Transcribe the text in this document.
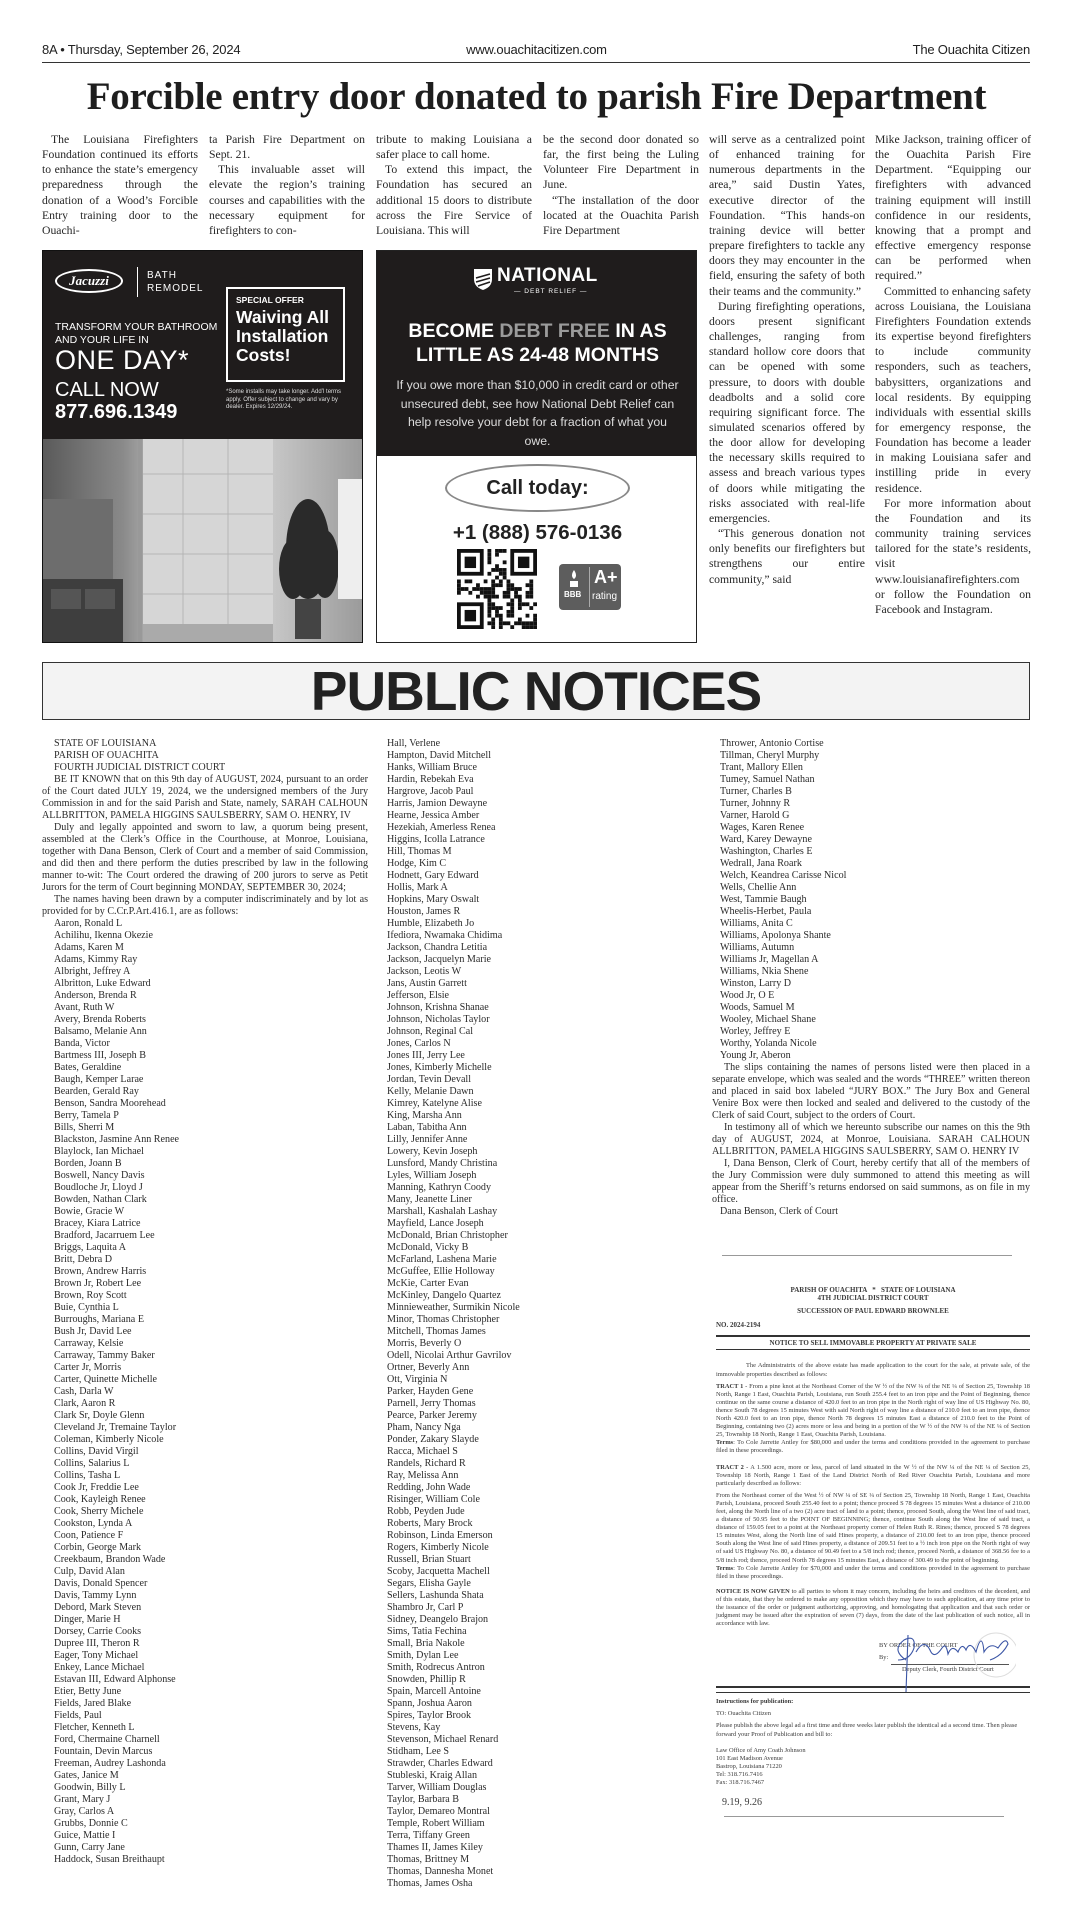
8A • Thursday, September 26, 2024	www.ouachitacitizen.com	The Ouachita Citizen
Forcible entry door donated to parish Fire Department

The Louisiana Firefighters Foundation continued its efforts to enhance the state’s emergency preparedness through the donation of a Wood’s Forcible Entry training door to the Ouachi-

ta Parish Fire Department on Sept. 21.

This invaluable asset will elevate the region’s training courses and capabilities with the necessary equipment for firefighters to con-

tribute to making Louisiana a safer place to call home.

To extend this impact, the Foundation has secured an additional 15 doors to distribute across the Fire Service of Louisiana. This will

be the second door donated so far, the first being the Luling Volunteer Fire Department in June.

“The installation of the door located at the Ouachita Parish Fire Department

will serve as a centralized point of enhanced training for numerous departments in the area,” said Dustin Yates, executive director of the Foundation. “This hands-on training device will better prepare firefighters to tackle any doors they may encounter in the field, ensuring the safety of both their teams and the community.”

During firefighting operations, doors present significant challenges, ranging from standard hollow core doors that can be opened with some pressure, to doors with double deadbolts and a solid core requiring significant force. The simulated scenarios offered by the door allow for developing the necessary skills required to assess and breach various types of doors while mitigating the risks associated with real-life emergencies.

“This generous donation not only benefits our firefighters but strengthens our entire community,” said

Mike Jackson, training officer of the Ouachita Parish Fire Department. “Equipping our firefighters with advanced training equipment will instill confidence in our residents, knowing that a prompt and effective emergency response can be performed when required.”

Committed to enhancing safety across Louisiana, the Louisiana Firefighters Foundation extends its expertise beyond firefighters to include community responders, such as teachers, babysitters, organizations and local residents. By equipping individuals with essential skills for emergency response, the Foundation has become a leader in making Louisiana safer and instilling pride in every residence.

For more information about the Foundation and its community training services tailored for the state’s residents, visit www.louisianafirefighters.com or follow the Foundation on Facebook and Instagram.

Jacuzzi	BATH
REMODEL
TRANSFORM YOUR BATHROOM AND YOUR LIFE IN
ONE DAY*
CALL NOW
877.696.1349
SPECIAL OFFER
Waiving All Installation Costs!
*Some installs may take longer. Add’l terms apply. Offer subject to change and vary by dealer. Expires 12/29/24.
NATIONAL
— DEBT RELIEF —
BECOME DEBT FREE IN AS LITTLE AS 24-48 MONTHS
If you owe more than $10,000 in credit card or other unsecured debt, see how National Debt Relief can help resolve your debt for a fraction of what you owe.
Call today:
+1 (888) 576-0136
BBB
A+
rating
PUBLIC NOTICES
STATE OF LOUISIANA
PARISH OF OUACHITA
FOURTH JUDICIAL DISTRICT COURT

BE IT KNOWN that on this 9th day of AUGUST, 2024, pursuant to an order of the Court dated JULY 19, 2024, we the undersigned members of the Jury Commission in and for the said Parish and State, namely, SARAH CALHOUN ALLBRITTON, PAMELA HIGGINS SAULSBERRY, SAM O. HENRY, IV

Duly and legally appointed and sworn to law, a quorum being present, assembled at the Clerk’s Office in the Courthouse, at Monroe, Louisiana, together with Dana Benson, Clerk of Court and a member of said Commission, and did then and there perform the duties prescribed by law in the following manner to-wit: The Court ordered the drawing of 200 jurors to serve as Petit Jurors for the term of Court beginning MONDAY, SEPTEMBER 30, 2024;

The names having been drawn by a computer indiscriminately and by lot as provided for by C.Cr.P.Art.416.1, are as follows:

Aaron, Ronald L
Achilihu, Ikenna Okezie
Adams, Karen M
Adams, Kimmy Ray
Albright, Jeffrey A
Albritton, Luke Edward
Anderson, Brenda R
Avant, Ruth W
Avery, Brenda Roberts
Balsamo, Melanie Ann
Banda, Victor
Bartmess III, Joseph B
Bates, Geraldine
Baugh, Kemper Larae
Bearden, Gerald Ray
Benson, Sandra Moorehead
Berry, Tamela P
Bills, Sherri M
Blackston, Jasmine Ann Renee
Blaylock, Ian Michael
Borden, Joann B
Boswell, Nancy Davis
Boudloche Jr, Lloyd J
Bowden, Nathan Clark
Bowie, Gracie W
Bracey, Kiara Latrice
Bradford, Jacarruem Lee
Briggs, Laquita A
Britt, Debra D
Brown, Andrew Harris
Brown Jr, Robert Lee
Brown, Roy Scott
Buie, Cynthia L
Burroughs, Mariana E
Bush Jr, David Lee
Carraway, Kelsie
Carraway, Tammy Baker
Carter Jr, Morris
Carter, Quinette Michelle
Cash, Darla W
Clark, Aaron R
Clark Sr, Doyle Glenn
Cleveland Jr, Tremaine Taylor
Coleman, Kimberly Nicole
Collins, David Virgil
Collins, Salarius L
Collins, Tasha L
Cook Jr, Freddie Lee
Cook, Kayleigh Renee
Cook, Sherry Michele
Cookston, Lynda A
Coon, Patience F
Corbin, George Mark
Creekbaum, Brandon Wade
Culp, David Alan
Davis, Donald Spencer
Davis, Tammy Lynn
Debord, Mark Steven
Dinger, Marie H
Dorsey, Carrie Cooks
Dupree III, Theron R
Eager, Tony Michael
Enkey, Lance Michael
Estavan III, Edward Alphonse
Etier, Betty June
Fields, Jared Blake
Fields, Paul
Fletcher, Kenneth L
Ford, Chermaine Charnell
Fountain, Devin Marcus
Freeman, Audrey Lashonda
Gates, Janice M
Goodwin, Billy L
Grant, Mary J
Gray, Carlos A
Grubbs, Donnie C
Guice, Mattie I
Gunn, Carry Jane
Haddock, Susan Breithaupt
Hall, Verlene
Hampton, David Mitchell
Hanks, William Bruce
Hardin, Rebekah Eva
Hargrove, Jacob Paul
Harris, Jamion Dewayne
Hearne, Jessica Amber
Hezekiah, Amerless Renea
Higgins, Icolla Latrance
Hill, Thomas M
Hodge, Kim C
Hodnett, Gary Edward
Hollis, Mark A
Hopkins, Mary Oswalt
Houston, James R
Humble, Elizabeth Jo
Ifediora, Nwamaka Chidima
Jackson, Chandra Letitia
Jackson, Jacquelyn Marie
Jackson, Leotis W
Jans, Austin Garrett
Jefferson, Elsie
Johnson, Krishna Shanae
Johnson, Nicholas Taylor
Johnson, Reginal Cal
Jones, Carlos N
Jones III, Jerry Lee
Jones, Kimberly Michelle
Jordan, Tevin Devall
Kelly, Melanie Dawn
Kimrey, Katelyne Alise
King, Marsha Ann
Laban, Tabitha Ann
Lilly, Jennifer Anne
Lowery, Kevin Joseph
Lunsford, Mandy Christina
Lyles, William Joseph
Manning, Kathryn Coody
Many, Jeanette Liner
Marshall, Kashalah Lashay
Mayfield, Lance Joseph
McDonald, Brian Christopher
McDonald, Vicky B
McFarland, Lashena Marie
McGuffee, Ellie Holloway
McKie, Carter Evan
McKinley, Dangelo Quartez
Minnieweather, Surmikin Nicole
Minor, Thomas Christopher
Mitchell, Thomas James
Morris, Beverly O
Odell, Nicolai Arthur Gavrilov
Ortner, Beverly Ann
Ott, Virginia N
Parker, Hayden Gene
Parnell, Jerry Thomas
Pearce, Parker Jeremy
Pham, Nancy Nga
Ponder, Zakary Slayde
Racca, Michael S
Randels, Richard R
Ray, Melissa Ann
Redding, John Wade
Risinger, William Cole
Robb, Peyden Jude
Roberts, Mary Brock
Robinson, Linda Emerson
Rogers, Kimberly Nicole
Russell, Brian Stuart
Scoby, Jacquetta Machell
Segars, Elisha Gayle
Sellers, Lashunda Shata
Shambro Jr, Carl P
Sidney, Deangelo Brajon
Sims, Tatia Fechina
Small, Bria Nakole
Smith, Dylan Lee
Smith, Rodrecus Antron
Snowden, Phillip R
Spain, Marcell Antoine
Spann, Joshua Aaron
Spires, Taylor Brook
Stevens, Kay
Stevenson, Michael Renard
Stidham, Lee S
Strawder, Charles Edward
Stubleski, Kraig Allan
Tarver, William Douglas
Taylor, Barbara B
Taylor, Demareo Montral
Temple, Robert William
Terra, Tiffany Green
Thames II, James Kiley
Thomas, Brittney M
Thomas, Dannesha Monet
Thomas, James Osha
Thrower, Antonio Cortise
Tillman, Cheryl Murphy
Trant, Mallory Ellen
Tumey, Samuel Nathan
Turner, Charles B
Turner, Johnny R
Varner, Harold G
Wages, Karen Renee
Ward, Karey Dewayne
Washington, Charles E
Wedrall, Jana Roark
Welch, Keandrea Carisse Nicol
Wells, Chellie Ann
West, Tammie Baugh
Wheelis-Herbet, Paula
Williams, Anita C
Williams, Apolonya Shante
Williams, Autumn
Williams Jr, Magellan A
Williams, Nkia Shene
Winston, Larry D
Wood Jr, O E
Woods, Samuel M
Wooley, Michael Shane
Worley, Jeffrey E
Worthy, Yolanda Nicole
Young Jr, Aberon

The slips containing the names of persons listed were then placed in a separate envelope, which was sealed and the words “THREE” written thereon and placed in said box labeled “JURY BOX.” The Jury Box and General Venire Box were then locked and sealed and delivered to the custody of the Clerk of said Court, subject to the orders of Court.

In testimony all of which we hereunto subscribe our names on this the 9th day of AUGUST, 2024, at Monroe, Louisiana. SARAH CALHOUN ALLBRITTON, PAMELA HIGGINS SAULSBERRY, SAM O. HENRY IV

I, Dana Benson, Clerk of Court, hereby certify that all of the members of the Jury Commission were duly summoned to attend this meeting as will appear from the Sheriff’s returns endorsed on said summons, as on file in my office.

Dana Benson, Clerk of Court
PARISH OF OUACHITA   *   STATE OF LOUISIANA
4TH JUDICIAL DISTRICT COURT
SUCCESSION OF PAUL EDWARD BROWNLEE
NO. 2024-2194
NOTICE TO SELL IMMOVABLE PROPERTY AT PRIVATE SALE

The Administratrix of the above estate has made application to the court for the sale, at private sale, of the immovable properties described as follows:

TRACT 1 - From a pine knot at the Northeast Corner of the W ½ of the NW ¼ of the NE ¼ of Section 25, Township 18 North, Range 1 East, Ouachita Parish, Louisiana, run South 255.4 feet to an iron pipe and the Point of Beginning, thence continue on the same course a distance of 420.0 feet to an iron pipe in the North right of way line of US Highway No. 80, thence South 78 degrees 15 minutes West with said North right of way line a distance of 210.0 feet to an iron pipe, thence North 420.0 feet to an iron pipe, thence North 78 degrees 15 minutes East a distance of 210.0 feet to the Point of Beginning, containing two (2) acres more or less and being in a portion of the W ½ of the NW ¼ of the NE ¼ of Section 25, Township 18 North, Range 1 East, Ouachita Parish, Louisiana.
Terms: To Cole Jarrette Antley for $80,000 and under the terms and conditions provided in the agreement to purchase filed in these proceedings.

TRACT 2 - A 1.500 acre, more or less, parcel of land situated in the W ½ of the NW ¼ of the NE ¼ of Section 25, Township 18 North, Range 1 East of the Land District North of Red River Ouachita Parish, Louisiana and more particularly described as follows:

From the Northeast corner of the West ½ of NW ¼ of SE ¼ of Section 25, Township 18 North, Range 1 East, Ouachita Parish, Louisiana, proceed South 255.40 feet to a point; thence proceed S 78 degrees 15 minutes West a distance of 210.00 feet, along the North line of a two (2) acre tract of land to a point; thence, proceed South, along the West line of said tract, a distance of 50.95 feet to the POINT OF BEGINNING; thence, continue South along the West line of said tract, a distance of 159.05 feet to a point at the Northeast property corner of Helen Ruth R. Rines; thence, proceed S 78 degrees 15 minutes West, along the North line of said Hines property, a distance of 210.00 feet to an iron pipe, thence proceed South along the West line of said Hines property, a distance of 209.51 feet to a ½ inch iron pipe on the North right of way of said US Highway No. 80, a distance of 90.49 feet to a 5/8 inch rod; thence, proceed North, a distance of 368.56 fee to a 5/8 inch rod; thence, proceed North 78 degrees 15 minutes East, a distance of 300.49 to the point of beginning.
Terms: To Cole Jarrette Antley for $70,000 and under the terms and conditions provided in the agreement to purchase filed in these proceedings.

NOTICE IS NOW GIVEN to all parties to whom it may concern, including the heirs and creditors of the decedent, and of this estate, that they be ordered to make any opposition which they may have to such application, at any time prior to the issuance of the order or judgment authorizing, approving, and homologating that application and that such order or judgment may be issued after the expiration of seven (7) days, from the date of the last publication of such notice, all in accordance with law.

BY ORDER OF THE COURT
By:
Deputy Clerk, Fourth District Court
Instructions for publication:
TO: Ouachita Citizen
Please publish the above legal ad a first time and three weeks later publish the identical ad a second time. Then please forward your Proof of Publication and bill to:
Law Office of Amy Coath Johnson
101 East Madison Avenue
Bastrop, Louisiana 71220
Tel: 318.716.7416
Fax: 318.716.7467
9.19, 9.26
